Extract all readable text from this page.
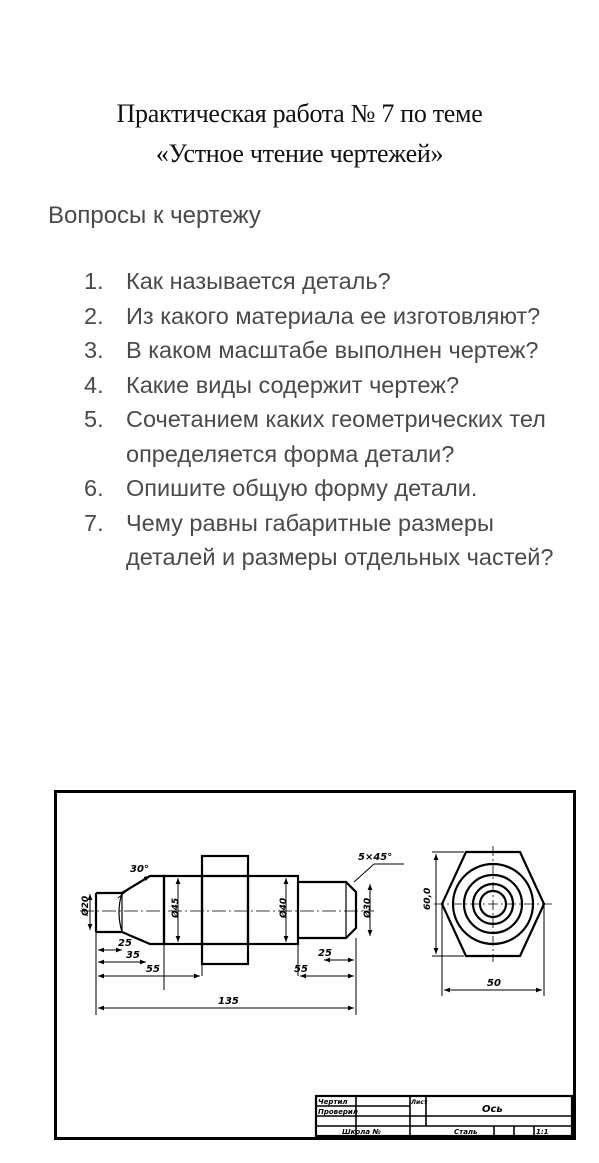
Практическая работа № 7 по теме
«Устное чтение чертежей»
Вопросы к чертежу
1. Как называется деталь?
2. Из какого материала ее изготовляют?
3. В каком масштабе выполнен чертеж?
4. Какие виды содержит чертеж?
5. Сочетанием каких геометрических тел определяется форма детали?
6. Опишите общую форму детали.
7. Чему равны габаритные размеры деталей и размеры отдельных частей?
Ø20	Ø45	Ø40	Ø30	60,0
30°
5×45°
25
35
55
135
25
55
50
Чертил
Проверил
Лист
Ось
Школа №	Сталь	1:1
